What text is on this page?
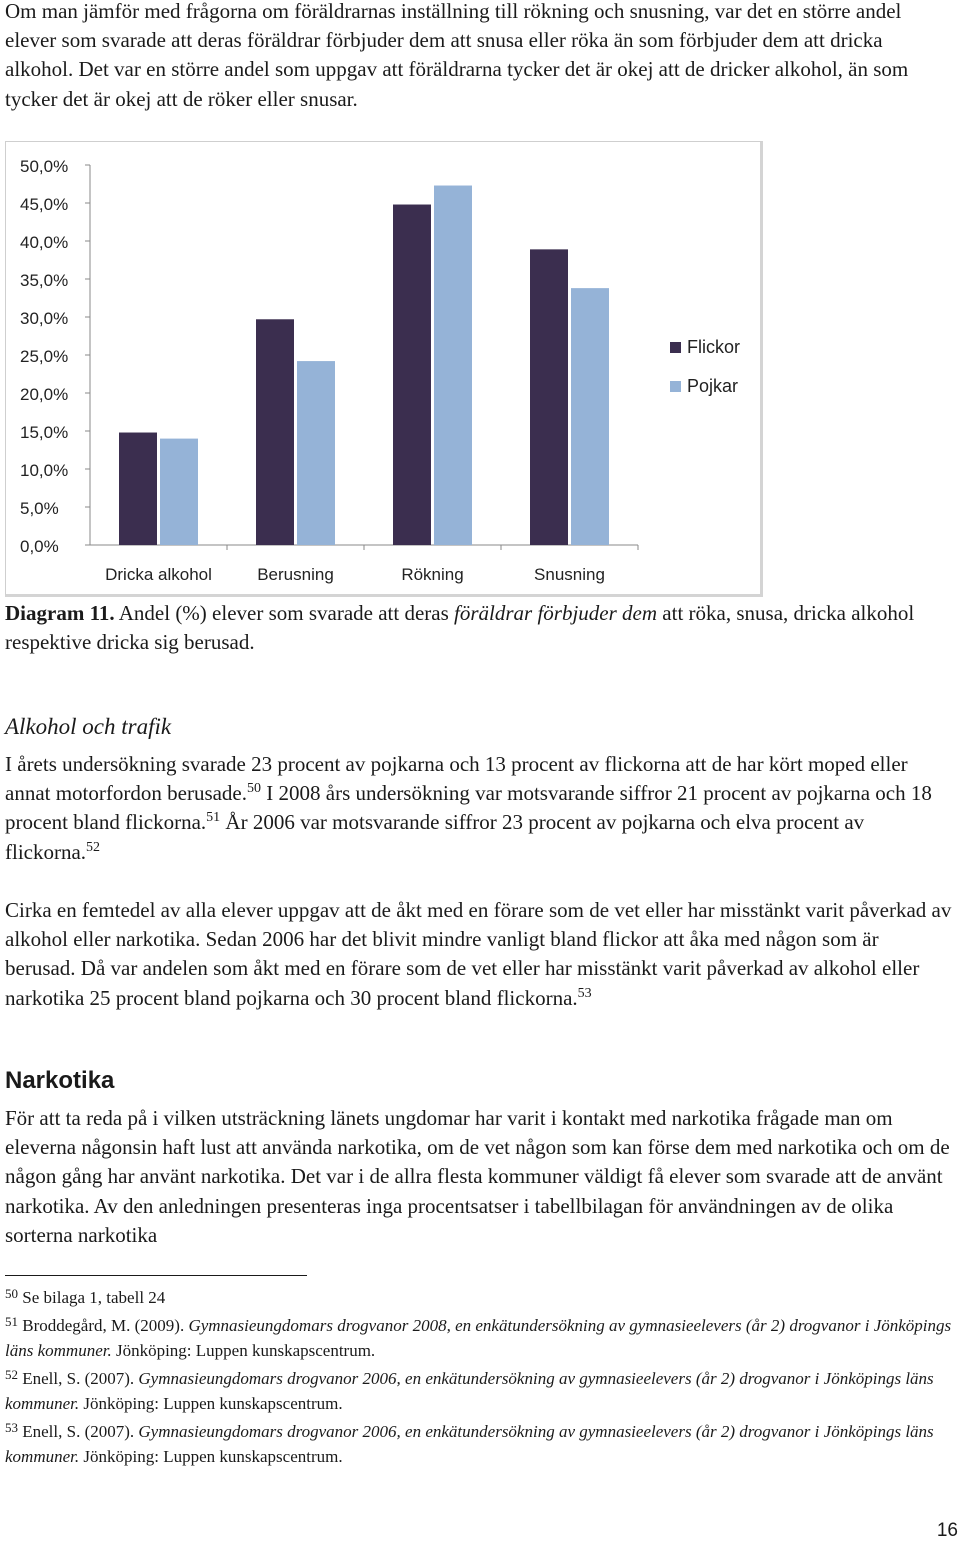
Om man jämför med frågorna om föräldrarnas inställning till rökning och snusning, var det en större andel elever som svarade att deras föräldrar förbjuder dem att snusa eller röka än som förbjuder dem att dricka alkohol. Det var en större andel som uppgav att föräldrarna tycker det är okej att de dricker alkohol, än som tycker det är okej att de röker eller snusar.

0,0%
5,0%
10,0%
15,0%
20,0%
25,0%
30,0%
35,0%
40,0%
45,0%
50,0%
Dricka alkohol	Berusning	Rökning	Snusning
Flickor
Pojkar

Diagram 11. Andel (%) elever som svarade att deras föräldrar förbjuder dem att röka, snusa, dricka alkohol respektive dricka sig berusad.

Alkohol och trafik

I årets undersökning svarade 23 procent av pojkarna och 13 procent av flickorna att de har kört moped eller annat motorfordon berusade.$^{50}$ I 2008 års undersökning var motsvarande siffror 21 procent av pojkarna och 18 procent bland flickorna.$^{51}$ År 2006 var motsvarande siffror 23 procent av pojkarna och elva procent av flickorna.$^{52}$

Cirka en femtedel av alla elever uppgav att de åkt med en förare som de vet eller har misstänkt varit påverkad av alkohol eller narkotika. Sedan 2006 har det blivit mindre vanligt bland flickor att åka med någon som är berusad. Då var andelen som åkt med en förare som de vet eller har misstänkt varit påverkad av alkohol eller narkotika 25 procent bland pojkarna och 30 procent bland flickorna.$^{53}$

Narkotika

För att ta reda på i vilken utsträckning länets ungdomar har varit i kontakt med narkotika frågade man om eleverna någonsin haft lust att använda narkotika, om de vet någon som kan förse dem med narkotika och om de någon gång har använt narkotika. Det var i de allra flesta kommuner väldigt få elever som svarade att de använt narkotika. Av den anledningen presenteras inga procentsatser i tabellbilagan för användningen av de olika sorterna narkotika

$^{50}$ Se bilaga 1, tabell 24

$^{51}$ Broddegård, M. (2009). Gymnasieungdomars drogvanor 2008, en enkätundersökning av gymnasieelevers (år 2) drogvanor i Jönköpings läns kommuner. Jönköping: Luppen kunskapscentrum.

$^{52}$ Enell, S. (2007). Gymnasieungdomars drogvanor 2006, en enkätundersökning av gymnasieelevers (år 2) drogvanor i Jönköpings läns kommuner. Jönköping: Luppen kunskapscentrum.

$^{53}$ Enell, S. (2007). Gymnasieungdomars drogvanor 2006, en enkätundersökning av gymnasieelevers (år 2) drogvanor i Jönköpings läns kommuner. Jönköping: Luppen kunskapscentrum.

16
